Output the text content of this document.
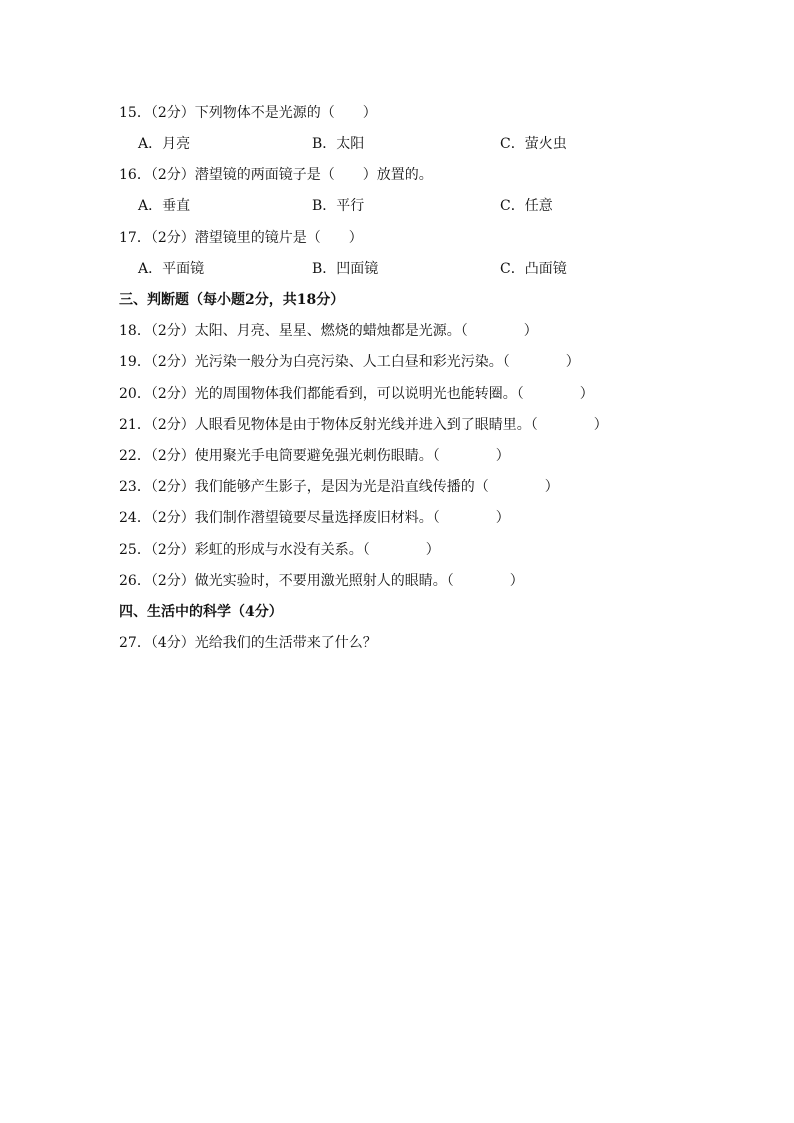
15．（2分）下列物体不是光源的（　　）
A．月亮	B．太阳	C．萤火虫
16．（2分）潜望镜的两面镜子是（　　）放置的。
A．垂直	B．平行	C．任意
17．（2分）潜望镜里的镜片是（　　）
A．平面镜	B．凹面镜	C．凸面镜
三、判断题（每小题2分，共18分）
18．（2分）太阳、月亮、星星、燃烧的蜡烛都是光源。（　　　　）
19．（2分）光污染一般分为白亮污染、人工白昼和彩光污染。（　　　　）
20．（2分）光的周围物体我们都能看到，可以说明光也能转圈。（　　　　）
21．（2分）人眼看见物体是由于物体反射光线并进入到了眼睛里。（　　　　）
22．（2分）使用聚光手电筒要避免强光刺伤眼睛。（　　　　）
23．（2分）我们能够产生影子，是因为光是沿直线传播的（　　　　）
24．（2分）我们制作潜望镜要尽量选择废旧材料。（　　　　）
25．（2分）彩虹的形成与水没有关系。（　　　　）
26．（2分）做光实验时，不要用激光照射人的眼睛。（　　　　）
四、生活中的科学（4分）
27．（4分）光给我们的生活带来了什么？
